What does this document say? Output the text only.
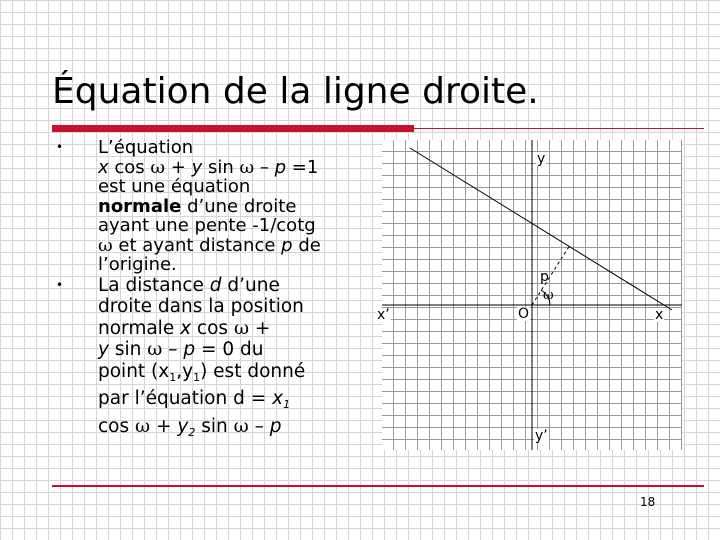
Équation de la ligne droite.
• L’équation
x cos ω + y sin ω – p =1
est une équation
normale d’une droite
ayant une pente -1/cotg
ω et ayant distance p de
l’origine.
• La distance d d’une
droite dans la position
normale x cos ω +
y sin ω – p = 0 du
point $(x_1,y_1)$ est donné
par l’équation $d = x_1$
$\cos \omega + y_2$ sin ω – p
y
y’
x’	x
O
p
ω
18
